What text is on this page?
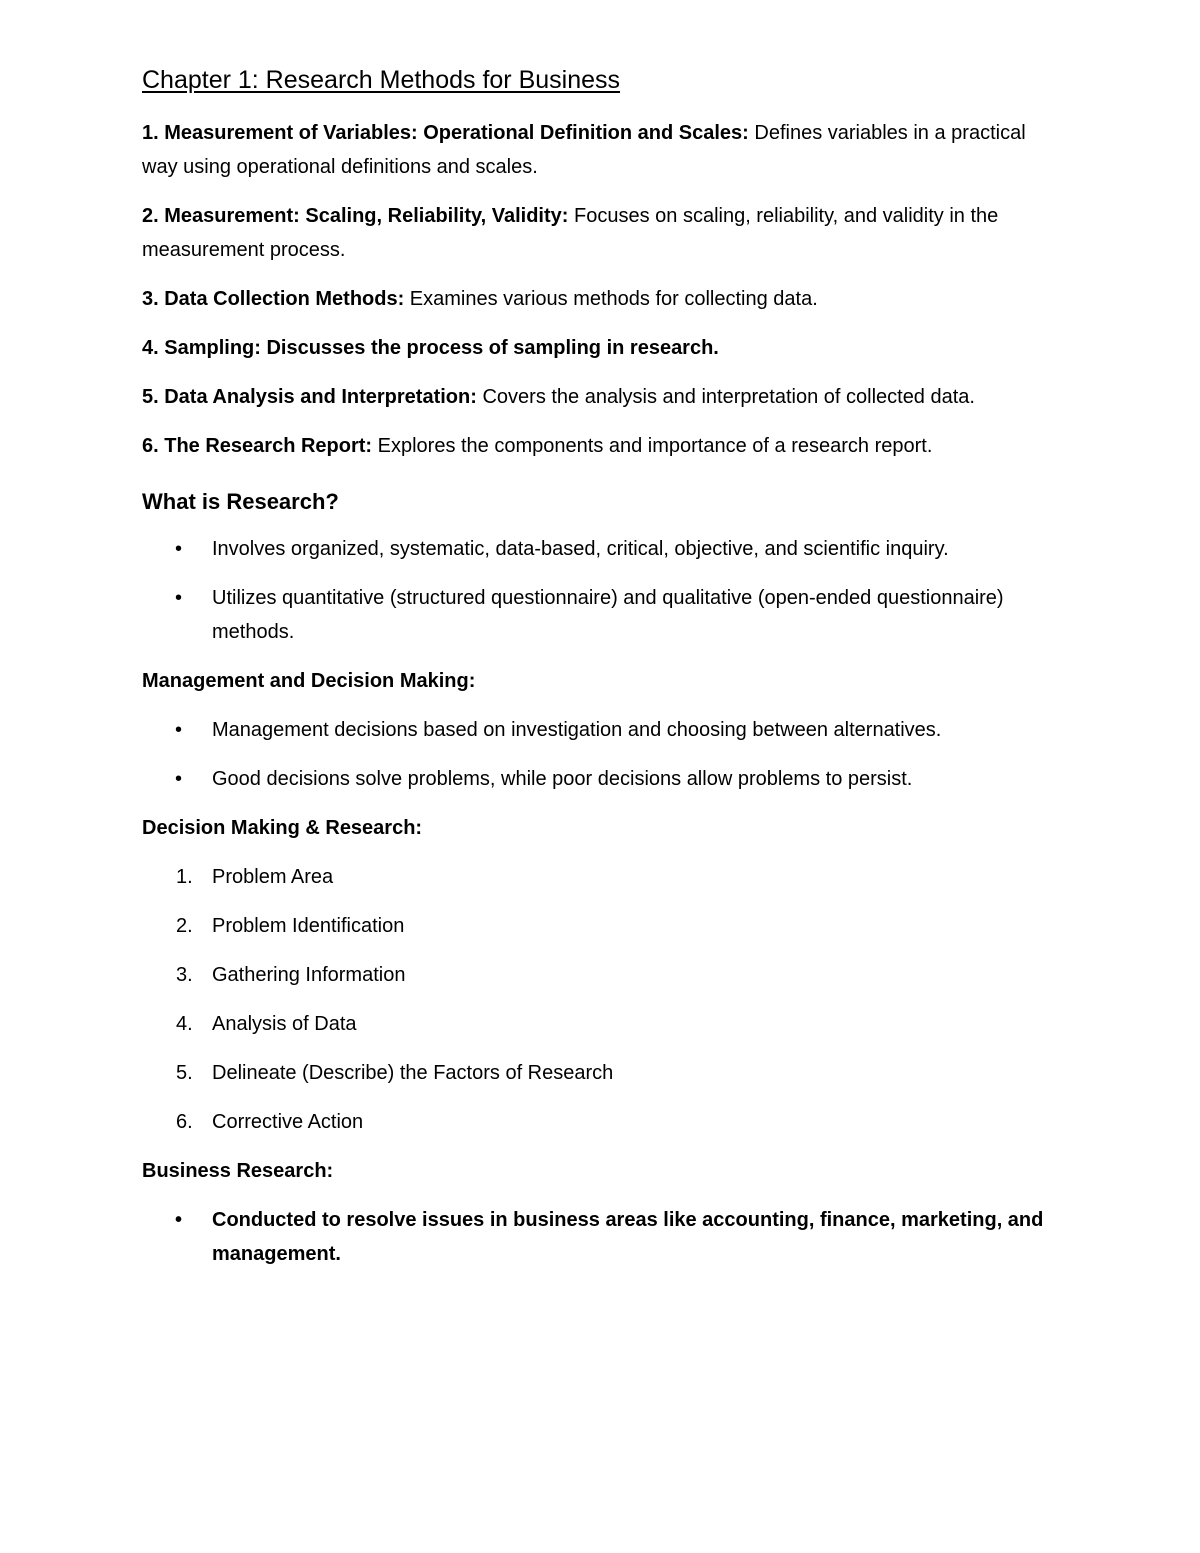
Chapter 1: Research Methods for Business
1. Measurement of Variables: Operational Definition and Scales: Defines variables in a practical way using operational definitions and scales.
2. Measurement: Scaling, Reliability, Validity: Focuses on scaling, reliability, and validity in the measurement process.
3. Data Collection Methods: Examines various methods for collecting data.
4. Sampling: Discusses the process of sampling in research.
5. Data Analysis and Interpretation: Covers the analysis and interpretation of collected data.
6. The Research Report: Explores the components and importance of a research report.
What is Research?
• Involves organized, systematic, data-based, critical, objective, and scientific inquiry.
• Utilizes quantitative (structured questionnaire) and qualitative (open-ended questionnaire) methods.
Management and Decision Making:
• Management decisions based on investigation and choosing between alternatives.
• Good decisions solve problems, while poor decisions allow problems to persist.
Decision Making & Research:
1. Problem Area
2. Problem Identification
3. Gathering Information
4. Analysis of Data
5. Delineate (Describe) the Factors of Research
6. Corrective Action
Business Research:
• Conducted to resolve issues in business areas like accounting, finance, marketing, and management.
